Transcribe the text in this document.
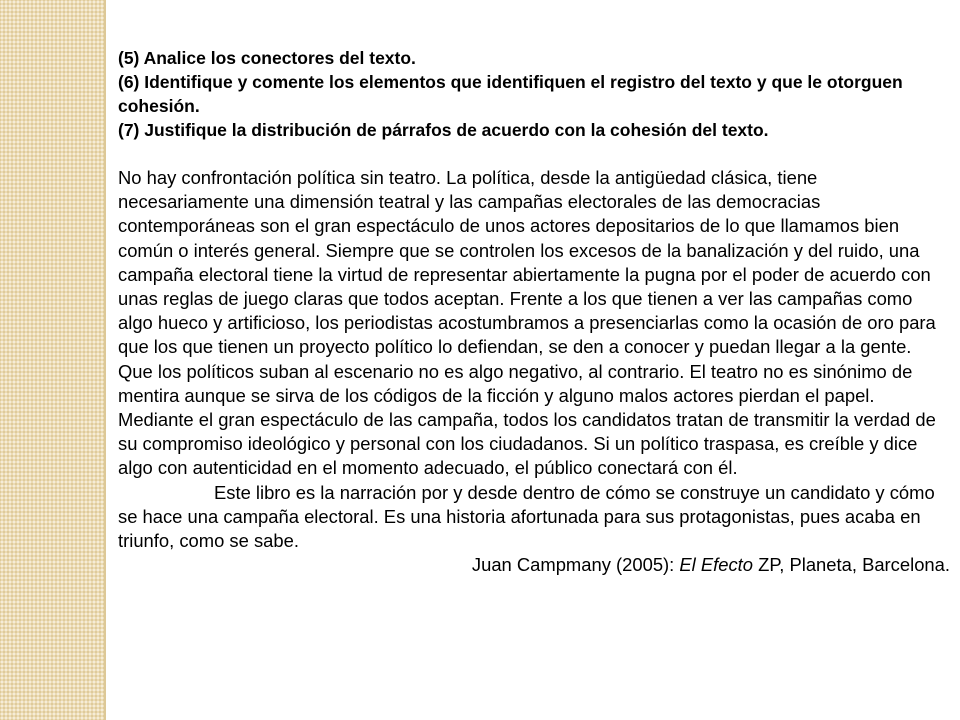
(5) Analice los conectores del texto.

(6) Identifique y comente los elementos que identifiquen el registro del texto y que le otorguen cohesión.

(7) Justifique la distribución de párrafos de acuerdo con la cohesión del texto.

No hay confrontación política sin teatro. La política, desde la antigüedad clásica, tiene necesariamente una dimensión teatral y las campañas electorales de las democracias contemporáneas son el gran espectáculo de unos actores depositarios de lo que llamamos bien común o interés general. Siempre que se controlen los excesos de la banalización y del ruido, una campaña electoral tiene la virtud de representar abiertamente la pugna por el poder de acuerdo con unas reglas de juego claras que todos aceptan. Frente a los que tienen a ver las campañas como algo hueco y artificioso, los periodistas acostumbramos a presenciarlas como la ocasión de oro para que los que tienen un proyecto político lo defiendan, se den a conocer y puedan llegar a la gente. Que los políticos suban al escenario no es algo negativo, al contrario. El teatro no es sinónimo de mentira aunque se sirva de los códigos de la ficción y alguno malos actores pierdan el papel. Mediante el gran espectáculo de las campaña, todos los candidatos tratan de transmitir la verdad de su compromiso ideológico y personal con los ciudadanos. Si un político traspasa, es creíble y dice algo con autenticidad en el momento adecuado, el público conectará con él.

Este libro es la narración por y desde dentro de cómo se construye un candidato y cómo se hace una campaña electoral. Es una historia afortunada para sus protagonistas, pues acaba en triunfo, como se sabe.

Juan Campmany (2005): El Efecto ZP, Planeta, Barcelona.
